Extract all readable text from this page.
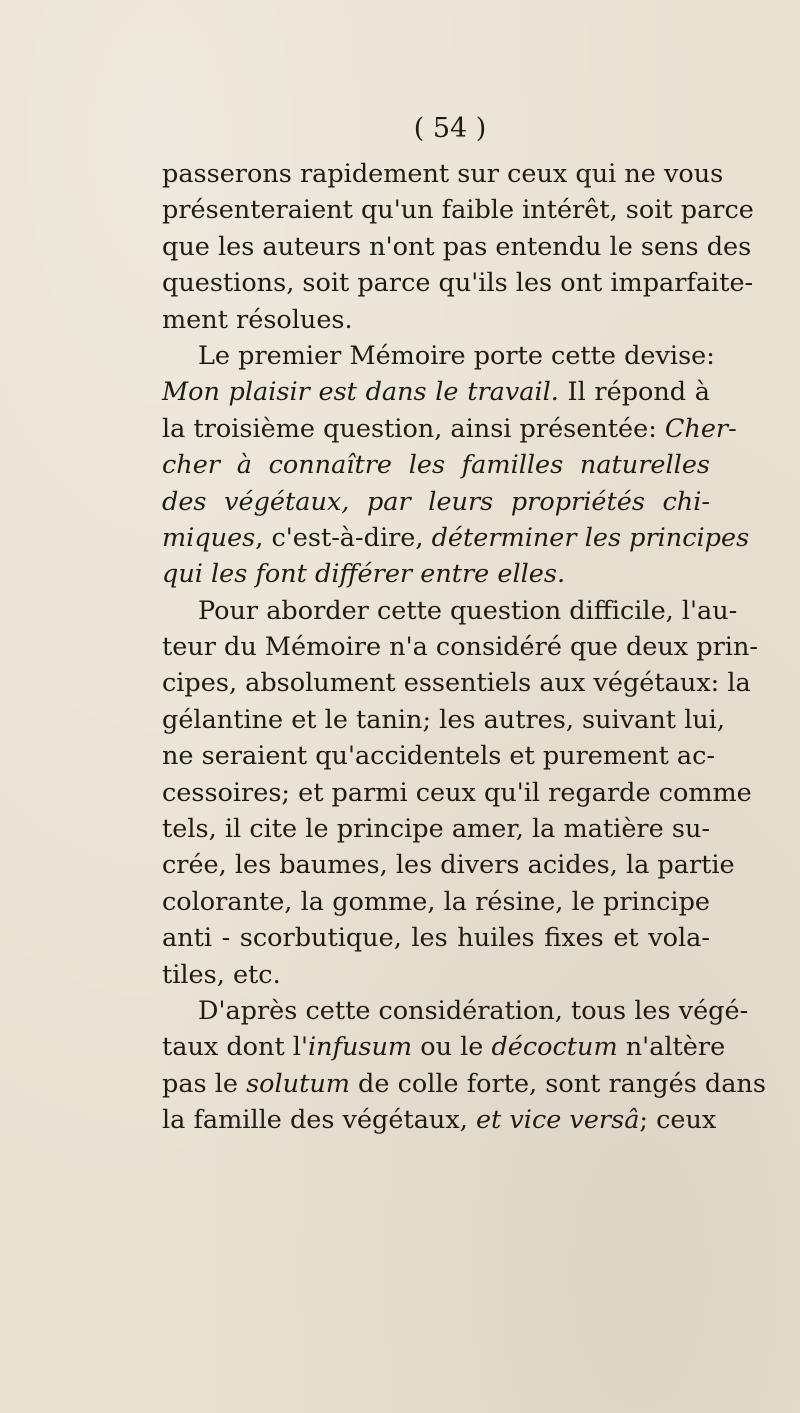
( 54 )
passerons rapidement sur ceux qui ne vous
présenteraient qu'un faible intérêt, soit parce
que les auteurs n'ont pas entendu le sens des
questions, soit parce qu'ils les ont imparfaite-
ment résolues.
Le premier Mémoire porte cette devise:
Mon plaisir est dans le travail. Il répond à
la troisième question, ainsi présentée: Cher-
cher à connaître les familles naturelles
des végétaux, par leurs propriétés chi-
miques, c'est-à-dire, déterminer les principes
qui les font différer entre elles.
Pour aborder cette question difficile, l'au-
teur du Mémoire n'a considéré que deux prin-
cipes, absolument essentiels aux végétaux: la
gélantine et le tanin; les autres, suivant lui,
ne seraient qu'accidentels et purement ac-
cessoires; et parmi ceux qu'il regarde comme
tels, il cite le principe amer, la matière su-
crée, les baumes, les divers acides, la partie
colorante, la gomme, la résine, le principe
anti - scorbutique, les huiles fixes et vola-
tiles, etc.
D'après cette considération, tous les végé-
taux dont l'infusum ou le décoctum n'altère
pas le solutum de colle forte, sont rangés dans
la famille des végétaux, et vice versâ; ceux
